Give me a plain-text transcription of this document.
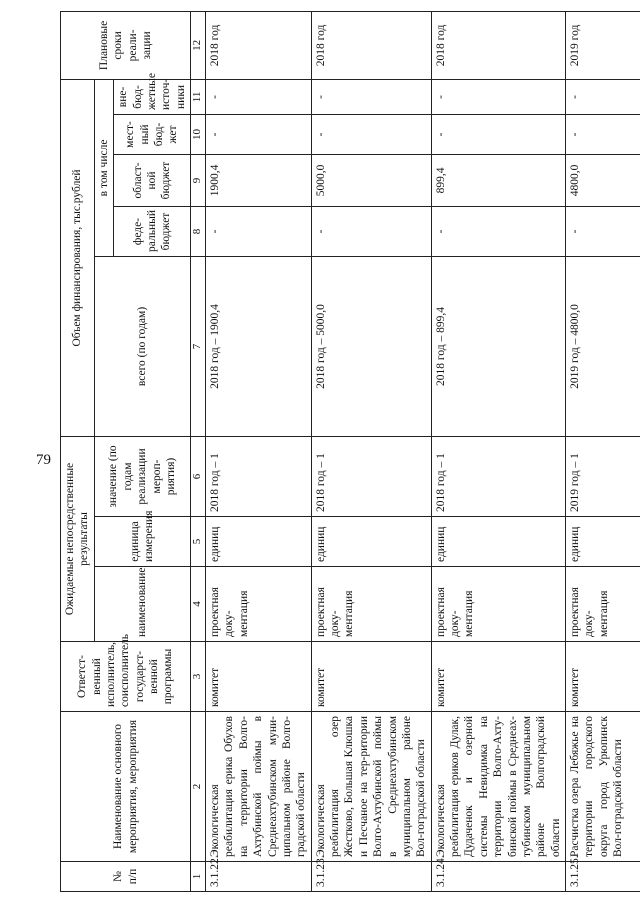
79
№ п/п	Наименование основного мероприятия, мероприятия	Ответст-венный исполнитель, соисполнитель государст-венной программы	Ожидаемые непосредственные результаты			Объем финансирования, тыс.рублей					Плановые сроки реали-зации
			наименование	единица измерения	значение (по годам реализации мероп-риятия)	всего (по годам)	в том числе				
							феде-ральный бюджет	област-ной бюджет	мест-ный бюд-жет	вне-бюд-жетные источ-ники	
1	2	3	4	5	6	7	8	9	10	11	12
3.1.22.	Экологическая реабилитация ерика Обухов на территории Волго-Ахтубинской поймы в Среднеахтубинском муни-ципальном районе Волго-градской области	комитет	проектная доку-ментация	единиц	2018 год – 1	2018 год – 1900,4	-	1900,4	-	-	2018 год
3.1.23.	Экологическая реабилитация озер Жестково, Большая Клюшка и Песчаное на тер-ритории Волго-Ахтубинской поймы в Среднеахтубинском муниципальном районе Вол-гоградской области	комитет	проектная доку-ментация	единиц	2018 год – 1	2018 год – 5000,0	-	5000,0	-	-	2018 год
3.1.24.	Экологическая реабилитация ериков Дулак, Дудаченок и озерной системы Невидимка на территории Волго-Ахту-бинской поймы в Среднеах-тубинском муниципальном районе Волгоградской области	комитет	проектная доку-ментация	единиц	2018 год – 1	2018 год – 899,4	-	899,4	-	-	2018 год
3.1.25.	Расчистка озера Лебяжье на территории городского округа город Урюпинск Вол-гоградской области	комитет	проектная доку-ментация	единиц	2019 год – 1	2019 год – 4800,0	-	4800,0	-	-	2019 год
